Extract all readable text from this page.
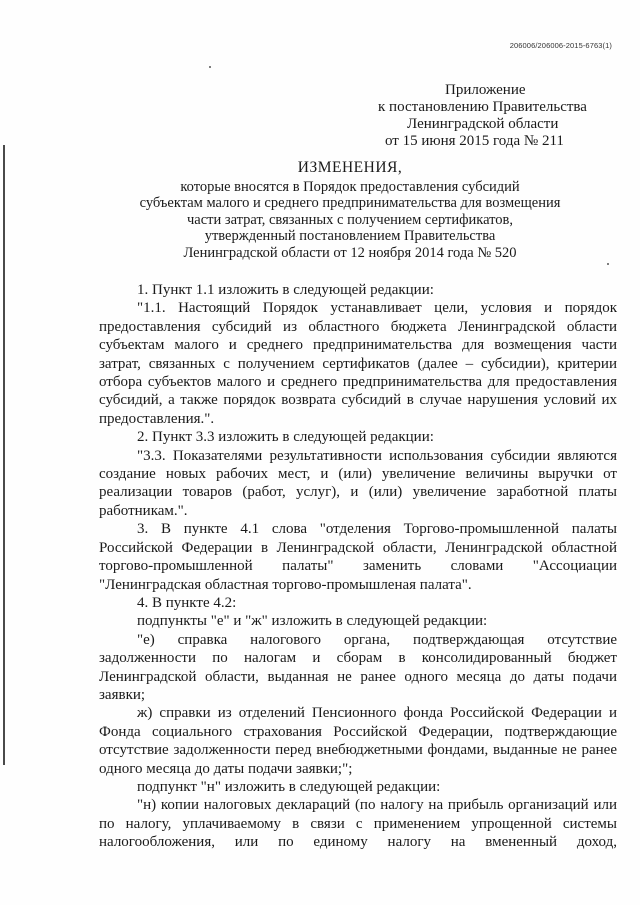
206006/206006-2015-6763(1)
Приложение
к постановлению Правительства
Ленинградской области
от 15 июня 2015 года № 211
ИЗМЕНЕНИЯ,
которые вносятся в Порядок предоставления субсидий
субъектам малого и среднего предпринимательства для возмещения
части затрат, связанных с получением сертификатов,
утвержденный постановлением Правительства
Ленинградской области от 12 ноября 2014 года № 520

1. Пункт 1.1 изложить в следующей редакции:

"1.1. Настоящий Порядок устанавливает цели, условия и порядок предоставления субсидий из областного бюджета Ленинградской области субъектам малого и среднего предпринимательства для возмещения части затрат, связанных с получением сертификатов (далее – субсидии), критерии отбора субъектов малого и среднего предпринимательства для предоставления субсидий, а также порядок возврата субсидий в случае нарушения условий их предоставления.".

2. Пункт 3.3 изложить в следующей редакции:

"3.3. Показателями результативности использования субсидии являются создание новых рабочих мест, и (или) увеличение величины выручки от реализации товаров (работ, услуг), и (или) увеличение заработной платы работникам.".

3. В пункте 4.1 слова "отделения Торгово-промышленной палаты Российской Федерации в Ленинградской области, Ленинградской областной торгово-промышленной палаты" заменить словами "Ассоциации "Ленинградская областная торгово-промышленая палата".

4. В пункте 4.2:

подпункты "е" и "ж" изложить в следующей редакции:

"е) справка налогового органа, подтверждающая отсутствие задолженности по налогам и сборам в консолидированный бюджет Ленинградской области, выданная не ранее одного месяца до даты подачи заявки;

ж) справки из отделений Пенсионного фонда Российской Федерации и Фонда социального страхования Российской Федерации, подтверждающие отсутствие задолженности перед внебюджетными фондами, выданные не ранее одного месяца до даты подачи заявки;";

подпункт "н" изложить в следующей редакции:

"н) копии налоговых деклараций (по налогу на прибыль организаций или по налогу, уплачиваемому в связи с применением упрощенной системы налогообложения, или по единому налогу на вмененный доход,
